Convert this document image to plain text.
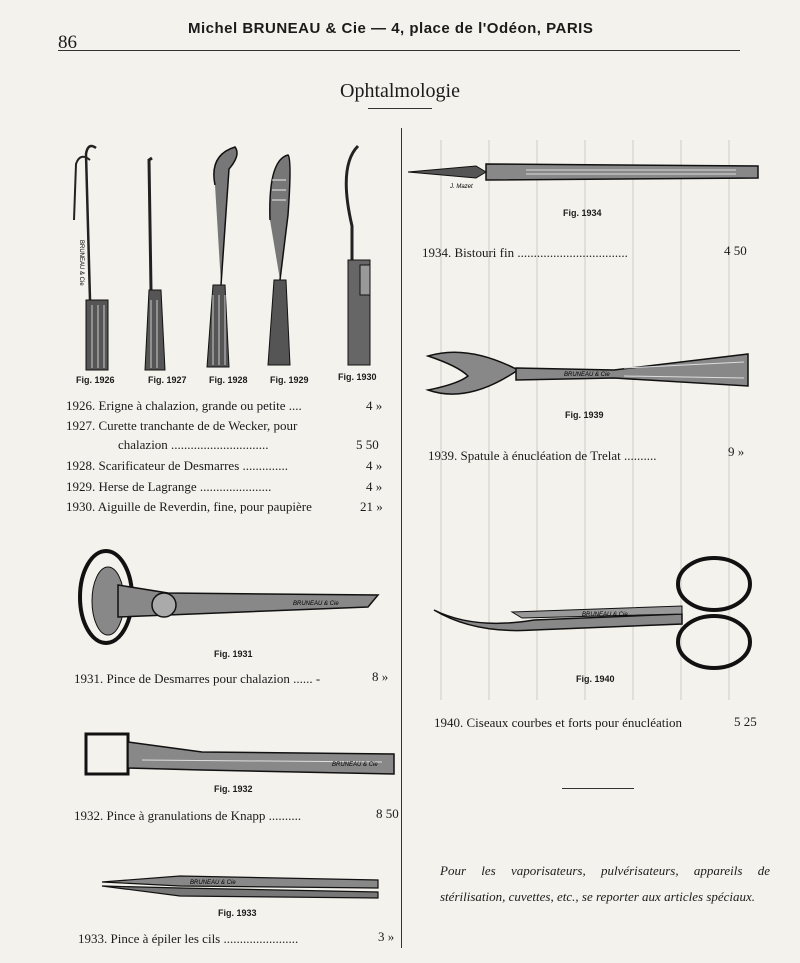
86
Michel BRUNEAU & Cie — 4, place de l'Odéon, PARIS
Ophtalmologie
BRUNEAU & Cie
Fig. 1926	Fig. 1927 Fig. 1928 Fig. 1929	Fig. 1930
1926. Erigne à chalazion, grande ou petite ....	4 »
1927. Curette tranchante de de Wecker, pour
chalazion ..............................	5 50
1928. Scarificateur de Desmarres ..............	4 »
1929. Herse de Lagrange ......................	4 »
1930. Aiguille de Reverdin, fine, pour paupière	21 »
BRUNEAU & Cie
Fig. 1931
1931. Pince de Desmarres pour chalazion ...... -	8 »
BRUNEAU & Cie
Fig. 1932
1932. Pince à granulations de Knapp ..........	8 50
BRUNEAU & Cie
Fig. 1933
1933. Pince à épiler les cils .......................	3 »
J. Mazet
Fig. 1934
1934. Bistouri fin ..................................	4 50
BRUNEAU & Cie
Fig. 1939
1939. Spatule à énucléation de Trelat ..........	9 »
BRUNEAU & Cie
Fig. 1940
1940. Ciseaux courbes et forts pour énucléation	5 25
Pour les vaporisateurs, pulvérisateurs, appareils de stérilisation, cuvettes, etc., se reporter aux articles spéciaux.
